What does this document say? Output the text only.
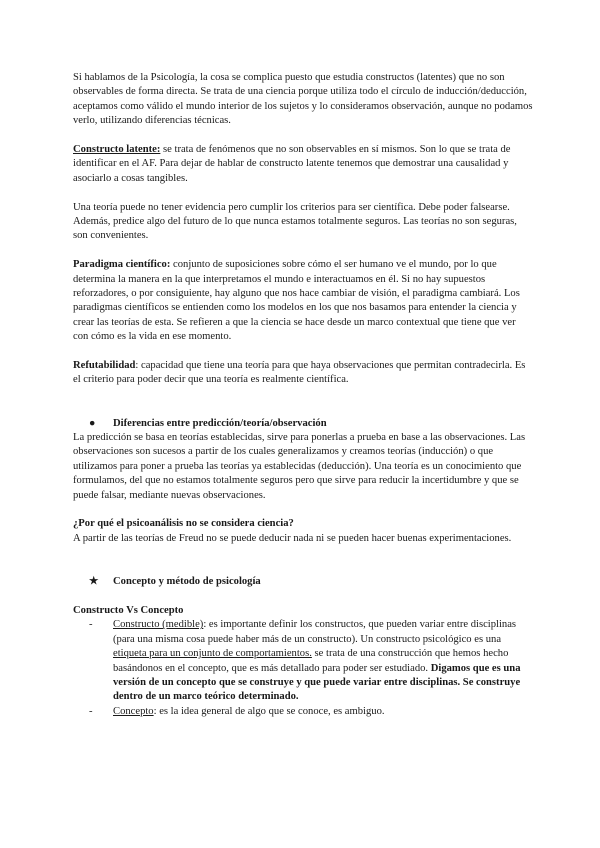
Si hablamos de la Psicología, la cosa se complica puesto que estudia constructos (latentes) que no son observables de forma directa. Se trata de una ciencia porque utiliza todo el círculo de inducción/deducción, aceptamos como válido el mundo interior de los sujetos y lo consideramos observación, aunque no podamos verlo, utilizando diferencias técnicas.

Constructo latente: se trata de fenómenos que no son observables en sí mismos. Son lo que se trata de identificar en el AF. Para dejar de hablar de constructo latente tenemos que demostrar una causalidad y asociarlo a cosas tangibles.

Una teoría puede no tener evidencia pero cumplir los criterios para ser científica. Debe poder falsearse. Además, predice algo del futuro de lo que nunca estamos totalmente seguros. Las teorías no son seguras, son convenientes.

Paradigma científico: conjunto de suposiciones sobre cómo el ser humano ve el mundo, por lo que determina la manera en la que interpretamos el mundo e interactuamos en él. Si no hay supuestos reforzadores, o por consiguiente, hay alguno que nos hace cambiar de visión, el paradigma cambiará. Los paradigmas científicos se entienden como los modelos en los que nos basamos para entender la ciencia y crear las teorías de esta. Se refieren a que la ciencia se hace desde un marco contextual que tiene que ver con cómo es la vida en ese momento.

Refutabilidad: capacidad que tiene una teoría para que haya observaciones que permitan contradecirla. Es el criterio para poder decir que una teoría es realmente científica.

● Diferencias entre predicción/teoría/observación

La predicción se basa en teorías establecidas, sirve para ponerlas a prueba en base a las observaciones. Las observaciones son sucesos a partir de los cuales generalizamos y creamos teorías (inducción) o que utilizamos para poner a prueba las teorías ya establecidas (deducción). Una teoría es un conocimiento que formulamos, del que no estamos totalmente seguros pero que sirve para reducir la incertidumbre y que se puede falsar, mediante nuevas observaciones.

¿Por qué el psicoanálisis no se considera ciencia?

A partir de las teorías de Freud no se puede deducir nada ni se pueden hacer buenas experimentaciones.

★ Concepto y método de psicología

Constructo Vs Concepto

- Constructo (medible): es importante definir los constructos, que pueden variar entre disciplinas (para una misma cosa puede haber más de un constructo). Un constructo psicológico es una etiqueta para un conjunto de comportamientos. se trata de una construcción que hemos hecho basándonos en el concepto, que es más detallado para poder ser estudiado. Digamos que es una versión de un concepto que se construye y que puede variar entre disciplinas. Se construye dentro de un marco teórico determinado.
- Concepto: es la idea general de algo que se conoce, es ambiguo.
